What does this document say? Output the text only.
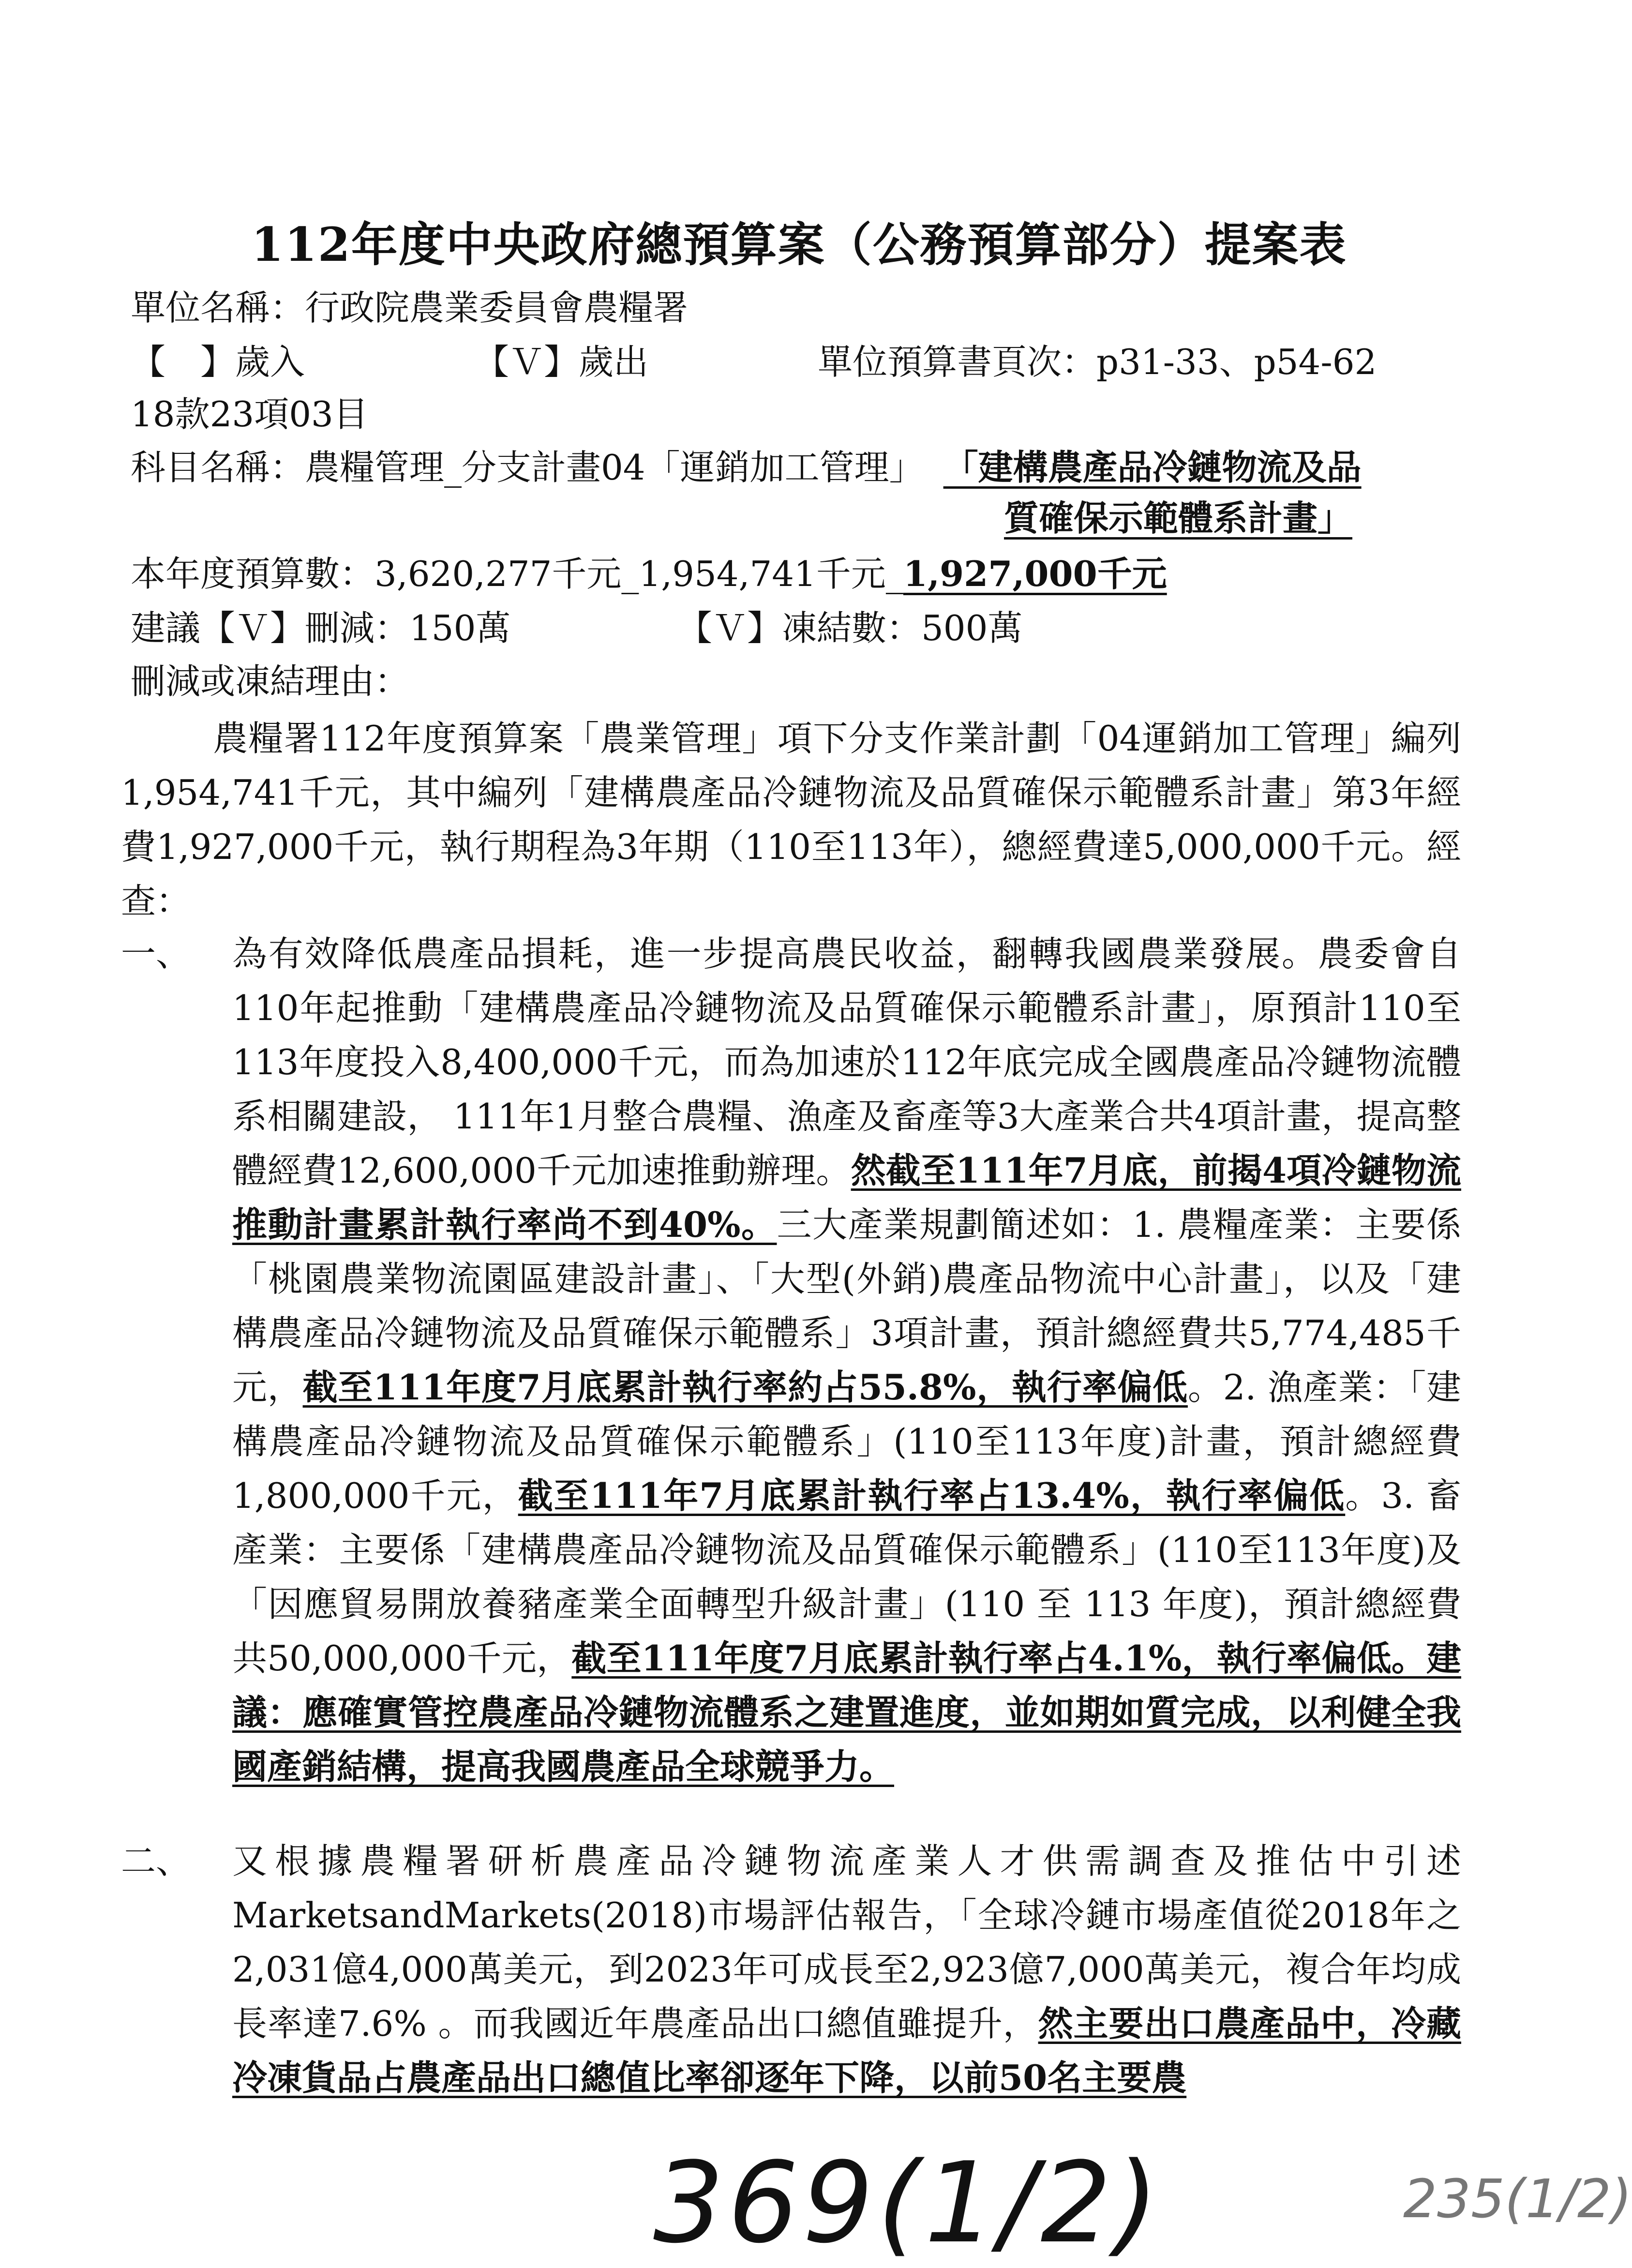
112年度中央政府總預算案（公務預算部分）提案表
單位名稱：行政院農業委員會農糧署
【　】歲入	【Ｖ】歲出	單位預算書頁次：p31-33、p54-62
18款23項03目
科目名稱：農糧管理_分支計畫04「運銷加工管理」 「建構農產品冷鏈物流及品
質確保示範體系計畫」
本年度預算數：3,620,277千元_1,954,741千元_1,927,000千元
建議【Ｖ】刪減：150萬	【Ｖ】凍結數：500萬
刪減或凍結理由：
農糧署112年度預算案「農業管理」項下分支作業計劃「04運銷加工管理」編列1,954,741千元，其中編列「建構農產品冷鏈物流及品質確保示範體系計畫」第3年經費1,927,000千元，執行期程為3年期（110至113年），總經費達5,000,000千元。經查：
一、	為有效降低農產品損耗，進一步提高農民收益，翻轉我國農業發展。農委會自110年起推動「建構農產品冷鏈物流及品質確保示範體系計畫」，原預計110至113年度投入8,400,000千元，而為加速於112年底完成全國農產品冷鏈物流體系相關建設， 111年1月整合農糧、漁產及畜產等3大產業合共4項計畫，提高整體經費12,600,000千元加速推動辦理。然截至111年7月底，前揭4項冷鏈物流推動計畫累計執行率尚不到40%。三大產業規劃簡述如：1. 農糧產業：主要係「桃園農業物流園區建設計畫」、「大型(外銷)農產品物流中心計畫」，以及「建構農產品冷鏈物流及品質確保示範體系」3項計畫，預計總經費共5,774,485千元，截至111年度7月底累計執行率約占55.8%，執行率偏低。2. 漁產業：「建構農產品冷鏈物流及品質確保示範體系」(110至113年度)計畫，預計總經費1,800,000千元，截至111年7月底累計執行率占13.4%，執行率偏低。3. 畜產業：主要係「建構農產品冷鏈物流及品質確保示範體系」(110至113年度)及「因應貿易開放養豬產業全面轉型升級計畫」(110 至 113 年度)，預計總經費共50,000,000千元，截至111年度7月底累計執行率占4.1%，執行率偏低。建議：應確實管控農產品冷鏈物流體系之建置進度，並如期如質完成，以利健全我國產銷結構，提高我國農產品全球競爭力。
二、	又根據農糧署研析農產品冷鏈物流產業人才供需調查及推估中引述MarketsandMarkets(2018)市場評估報告，「全球冷鏈市場產值從2018年之2,031億4,000萬美元，到2023年可成長至2,923億7,000萬美元，複合年均成長率達7.6% 。而我國近年農產品出口總值雖提升，然主要出口農產品中，冷藏冷凍貨品占農產品出口總值比率卻逐年下降，以前50名主要農
369(1/2)	235(1/2)
